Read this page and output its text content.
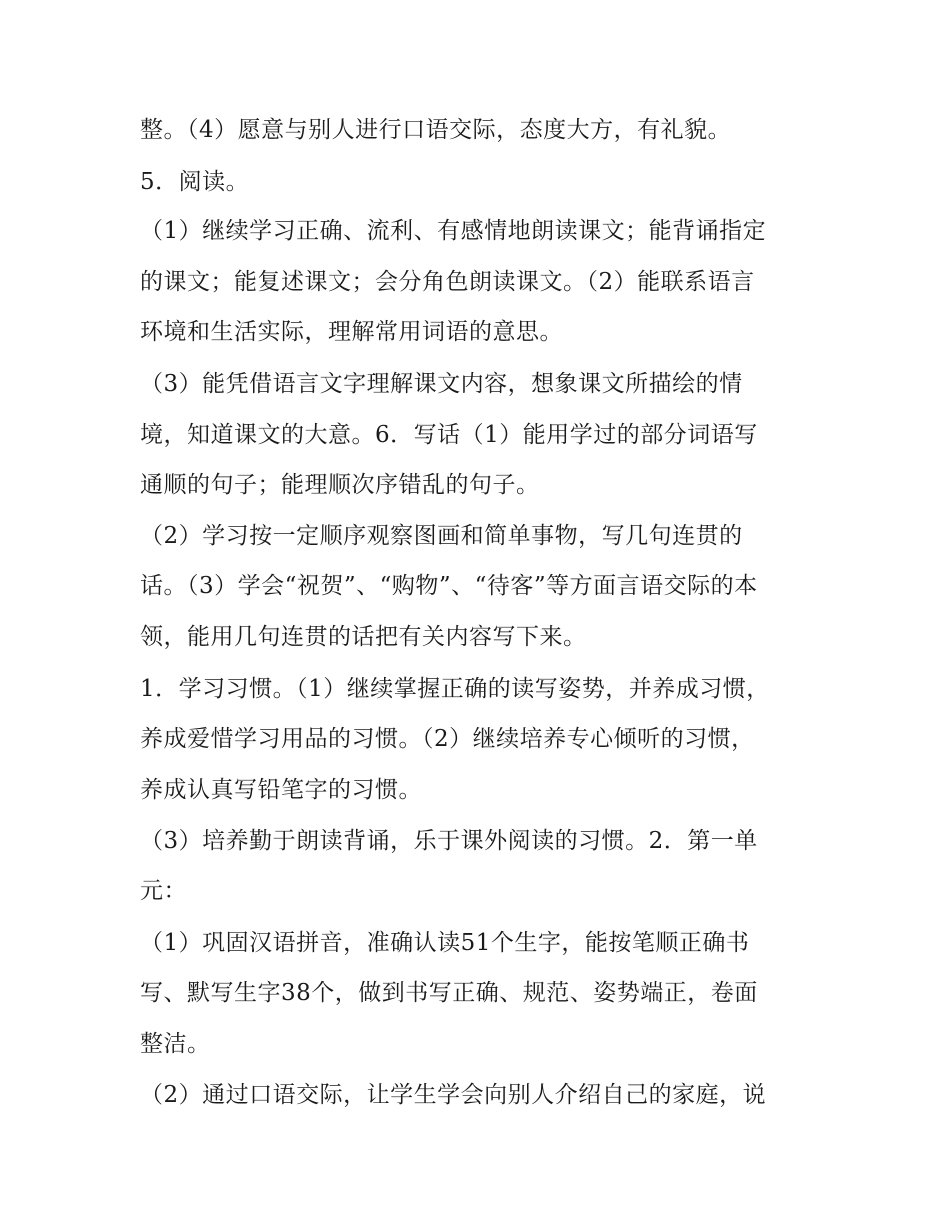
整。（4）愿意与别人进行口语交际，态度大方，有礼貌。
5．阅读。
（1）继续学习正确、流利、有感情地朗读课文；能背诵指定
的课文；能复述课文；会分角色朗读课文。（2）能联系语言
环境和生活实际，理解常用词语的意思。
（3）能凭借语言文字理解课文内容，想象课文所描绘的情
境，知道课文的大意。6．写话（1）能用学过的部分词语写
通顺的句子；能理顺次序错乱的句子。
（2）学习按一定顺序观察图画和简单事物，写几句连贯的
话。（3）学会“祝贺”、“购物”、“待客”等方面言语交际的本
领，能用几句连贯的话把有关内容写下来。
1．学习习惯。（1）继续掌握正确的读写姿势，并养成习惯，
养成爱惜学习用品的习惯。（2）继续培养专心倾听的习惯，
养成认真写铅笔字的习惯。
（3）培养勤于朗读背诵，乐于课外阅读的习惯。2．第一单
元：
（1）巩固汉语拼音，准确认读51个生字，能按笔顺正确书
写、默写生字38个，做到书写正确、规范、姿势端正，卷面
整洁。
（2）通过口语交际，让学生学会向别人介绍自己的家庭，说
